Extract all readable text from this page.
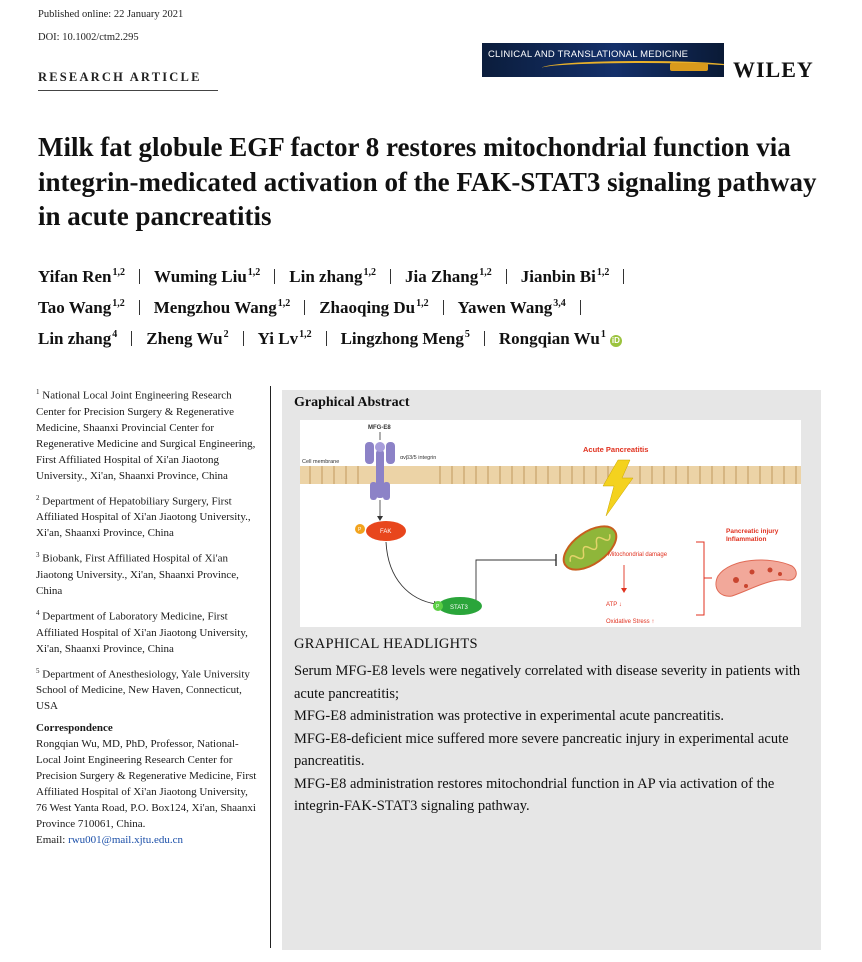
Published online: 22 January 2021
DOI: 10.1002/ctm2.295
RESEARCH ARTICLE
CLINICAL AND TRANSLATIONAL MEDICINE
WILEY
Milk fat globule EGF factor 8 restores mitochondrial function via integrin-medicated activation of the FAK-STAT3 signaling pathway in acute pancreatitis
Yifan Ren$^{1,2}$ Wuming Liu$^{1,2}$ Lin zhang$^{1,2}$ Jia Zhang$^{1,2}$ Jianbin Bi$^{1,2}$
Tao Wang$^{1,2}$ Mengzhou Wang$^{1,2}$ Zhaoqing Du$^{1,2}$ Yawen Wang$^{3,4}$
Lin zhang$^4$ Zheng Wu$^2$ Yi Lv$^{1,2}$ Lingzhong Meng$^5$ Rongqian Wu$^1$iD

$^1$ National Local Joint Engineering Research Center for Precision Surgery & Regenerative Medicine, Shaanxi Provincial Center for Regenerative Medicine and Surgical Engineering, First Affiliated Hospital of Xi'an Jiaotong University., Xi'an, Shaanxi Province, China

$^2$ Department of Hepatobiliary Surgery, First Affiliated Hospital of Xi'an Jiaotong University., Xi'an, Shaanxi Province, China

$^3$ Biobank, First Affiliated Hospital of Xi'an Jiaotong University., Xi'an, Shaanxi Province, China

$^4$ Department of Laboratory Medicine, First Affiliated Hospital of Xi'an Jiaotong University, Xi'an, Shaanxi Province, China

$^5$ Department of Anesthesiology, Yale University School of Medicine, New Haven, Connecticut, USA

Correspondence
Rongqian Wu, MD, PhD, Professor, National-Local Joint Engineering Research Center for Precision Surgery & Regenerative Medicine, First Affiliated Hospital of Xi'an Jiaotong University, 76 West Yanta Road, P.O. Box124, Xi'an, Shaanxi Province 710061, China.
Email: rwu001@mail.xjtu.edu.cn
Graphical Abstract
Cell membrane
MFG-E8
αvβ3/5 integrin
P	FAK
P STAT3
Acute Pancreatitis
Mitochondrial damage
ATP ↓
Oxidative Stress ↑
Pancreatic injury
Inflammation
GRAPHICAL HEADLIGHTS
Serum MFG-E8 levels were negatively correlated with disease severity in patients with acute pancreatitis;
MFG-E8 administration was protective in experimental acute pancreatitis.
MFG-E8-deficient mice suffered more severe pancreatic injury in experimental acute pancreatitis.
MFG-E8 administration restores mitochondrial function in AP via activation of the integrin-FAK-STAT3 signaling pathway.
